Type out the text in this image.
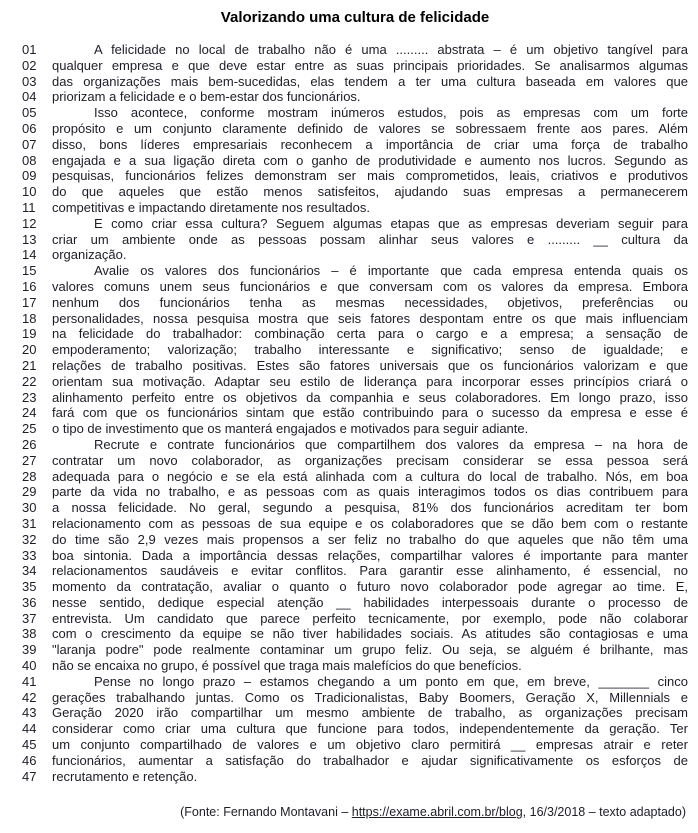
Valorizando uma cultura de felicidade
01	A felicidade no local de trabalho não é uma ......... abstrata – é um objetivo tangível para
02	qualquer empresa e que deve estar entre as suas principais prioridades. Se analisarmos algumas
03	das organizações mais bem-sucedidas, elas tendem a ter uma cultura baseada em valores que
04	priorizam a felicidade e o bem-estar dos funcionários.
05	Isso acontece, conforme mostram inúmeros estudos, pois as empresas com um forte
06	propósito e um conjunto claramente definido de valores se sobressaem frente aos pares. Além
07	disso, bons líderes empresariais reconhecem a importância de criar uma força de trabalho
08	engajada e a sua ligação direta com o ganho de produtividade e aumento nos lucros. Segundo as
09	pesquisas, funcionários felizes demonstram ser mais comprometidos, leais, criativos e produtivos
10	do que aqueles que estão menos satisfeitos, ajudando suas empresas a permanecerem
11	competitivas e impactando diretamente nos resultados.
12	E como criar essa cultura? Seguem algumas etapas que as empresas deveriam seguir para
13	criar um ambiente onde as pessoas possam alinhar seus valores e ......... __ cultura da
14	organização.
15	Avalie os valores dos funcionários – é importante que cada empresa entenda quais os
16	valores comuns unem seus funcionários e que conversam com os valores da empresa. Embora
17	nenhum dos funcionários tenha as mesmas necessidades, objetivos, preferências ou
18	personalidades, nossa pesquisa mostra que seis fatores despontam entre os que mais influenciam
19	na felicidade do trabalhador: combinação certa para o cargo e a empresa; a sensação de
20	empoderamento; valorização; trabalho interessante e significativo; senso de igualdade; e
21	relações de trabalho positivas. Estes são fatores universais que os funcionários valorizam e que
22	orientam sua motivação. Adaptar seu estilo de liderança para incorporar esses princípios criará o
23	alinhamento perfeito entre os objetivos da companhia e seus colaboradores. Em longo prazo, isso
24	fará com que os funcionários sintam que estão contribuindo para o sucesso da empresa e esse é
25	o tipo de investimento que os manterá engajados e motivados para seguir adiante.
26	Recrute e contrate funcionários que compartilhem dos valores da empresa – na hora de
27	contratar um novo colaborador, as organizações precisam considerar se essa pessoa será
28	adequada para o negócio e se ela está alinhada com a cultura do local de trabalho. Nós, em boa
29	parte da vida no trabalho, e as pessoas com as quais interagimos todos os dias contribuem para
30	a nossa felicidade. No geral, segundo a pesquisa, 81% dos funcionários acreditam ter bom
31	relacionamento com as pessoas de sua equipe e os colaboradores que se dão bem com o restante
32	do time são 2,9 vezes mais propensos a ser feliz no trabalho do que aqueles que não têm uma
33	boa sintonia. Dada a importância dessas relações, compartilhar valores é importante para manter
34	relacionamentos saudáveis e evitar conflitos. Para garantir esse alinhamento, é essencial, no
35	momento da contratação, avaliar o quanto o futuro novo colaborador pode agregar ao time. E,
36	nesse sentido, dedique especial atenção __ habilidades interpessoais durante o processo de
37	entrevista. Um candidato que parece perfeito tecnicamente, por exemplo, pode não colaborar
38	com o crescimento da equipe se não tiver habilidades sociais. As atitudes são contagiosas e uma
39	"laranja podre" pode realmente contaminar um grupo feliz. Ou seja, se alguém é brilhante, mas
40	não se encaixa no grupo, é possível que traga mais malefícios do que benefícios.
41	Pense no longo prazo – estamos chegando a um ponto em que, em breve, _______ cinco
42	gerações trabalhando juntas. Como os Tradicionalistas, Baby Boomers, Geração X, Millennials e
43	Geração 2020 irão compartilhar um mesmo ambiente de trabalho, as organizações precisam
44	considerar como criar uma cultura que funcione para todos, independentemente da geração. Ter
45	um conjunto compartilhado de valores e um objetivo claro permitirá __ empresas atrair e reter
46	funcionários, aumentar a satisfação do trabalhador e ajudar significativamente os esforços de
47	recrutamento e retenção.
(Fonte: Fernando Montavani – https://exame.abril.com.br/blog, 16/3/2018 – texto adaptado)
